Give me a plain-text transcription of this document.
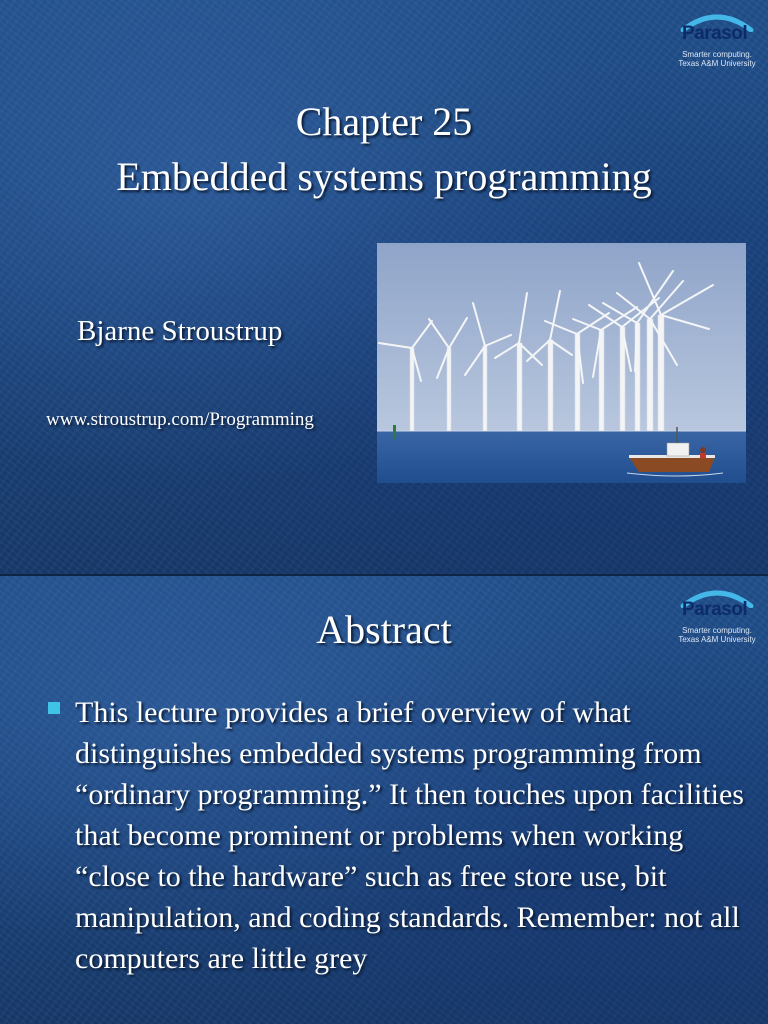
Parasol
Smarter computing.
Texas A&M University
Chapter 25
Embedded systems programming
Bjarne Stroustrup
www.stroustrup.com/Programming
Parasol
Smarter computing.
Texas A&M University
Abstract

This lecture provides a brief overview of what distinguishes embedded systems programming from “ordinary programming.” It then touches upon facilities that become prominent or problems when working “close to the hardware” such as free store use, bit manipulation, and coding standards. Remember: not all computers are little grey
